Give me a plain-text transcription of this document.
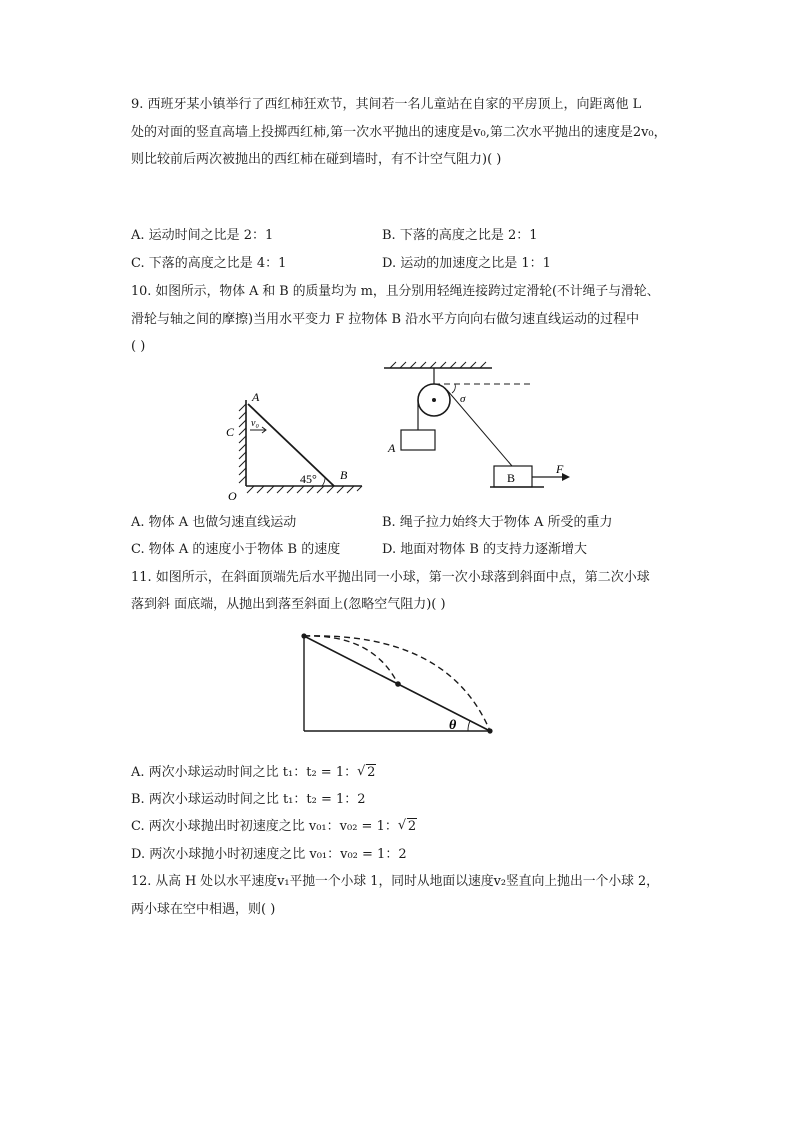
9. 西班牙某小镇举行了西红柿狂欢节，其间若一名儿童站在自家的平房顶上，向距离他 L
处的对面的竖直高墙上投掷西红柿,第一次水平抛出的速度是v₀,第二次水平抛出的速度是2v₀，
则比较前后两次被抛出的西红柿在碰到墙时，有不计空气阻力)( )
A. 运动时间之比是 2：1	B. 下落的高度之比是 2：1
C. 下落的高度之比是 4：1	D. 运动的加速度之比是 1：1
10. 如图所示，物体 A 和 B 的质量均为 m，且分别用轻绳连接跨过定滑轮(不计绳子与滑轮、
滑轮与轴之间的摩擦)当用水平变力 F 拉物体 B 沿水平方向向右做匀速直线运动的过程中
( )
A
C
v₀
45° B
O
σ
A
B
F
A. 物体 A 也做匀速直线运动	B. 绳子拉力始终大于物体 A 所受的重力
C. 物体 A 的速度小于物体 B 的速度	D. 地面对物体 B 的支持力逐渐增大
11. 如图所示，在斜面顶端先后水平抛出同一小球，第一次小球落到斜面中点，第二次小球
落到斜 面底端，从抛出到落至斜面上(忽略空气阻力)( )
θ
A. 两次小球运动时间之比 t₁：t₂ = 1： √ 2
B. 两次小球运动时间之比 t₁：t₂ = 1：2
C. 两次小球抛出时初速度之比 v₀₁：v₀₂ = 1： √ 2
D. 两次小球抛小时初速度之比 v₀₁：v₀₂ = 1：2
12. 从高 H 处以水平速度v₁平抛一个小球 1，同时从地面以速度v₂竖直向上抛出一个小球 2，
两小球在空中相遇，则( )
